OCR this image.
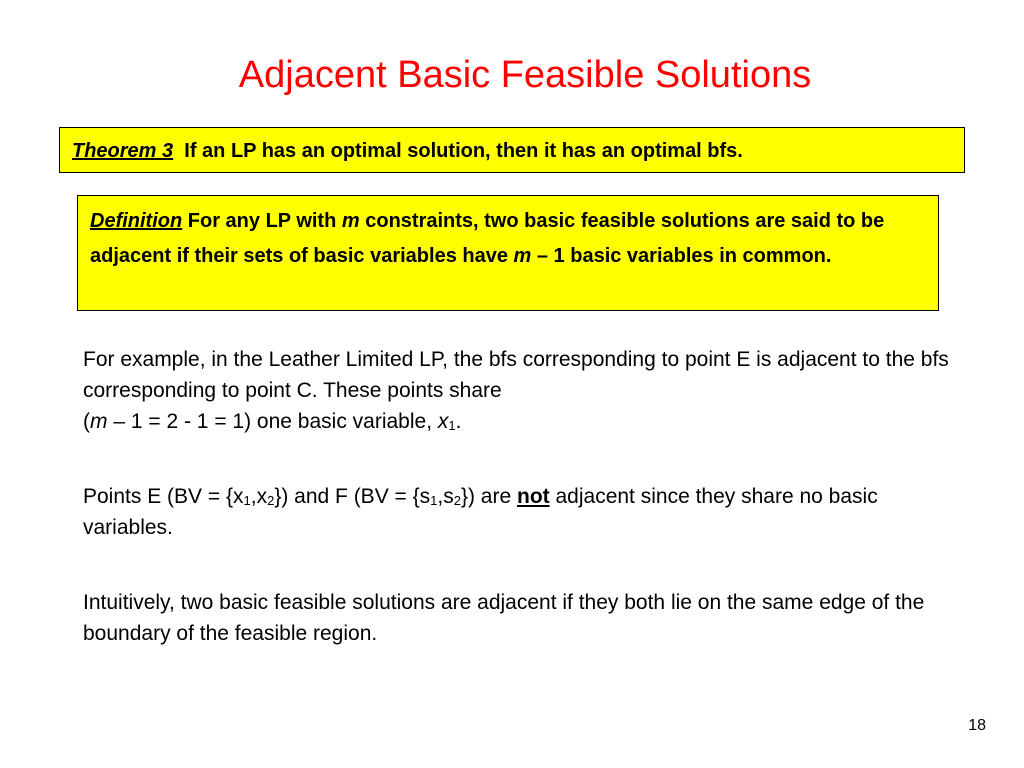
Adjacent Basic Feasible Solutions
Theorem 3 If an LP has an optimal solution, then it has an optimal bfs.
Definition For any LP with m constraints, two basic feasible solutions are said to be adjacent if their sets of basic variables have m – 1 basic variables in common.

For example, in the Leather Limited LP, the bfs corresponding to point E is adjacent to the bfs corresponding to point C. These points share
(m – 1 = 2 - 1 = 1) one basic variable, $x_1$.

Points E $(BV = \{x_1,x_2\})$ and F $(BV = \{s_1,s_2\})$ are not adjacent since they share no basic variables.

Intuitively, two basic feasible solutions are adjacent if they both lie on the same edge of the boundary of the feasible region.

18
